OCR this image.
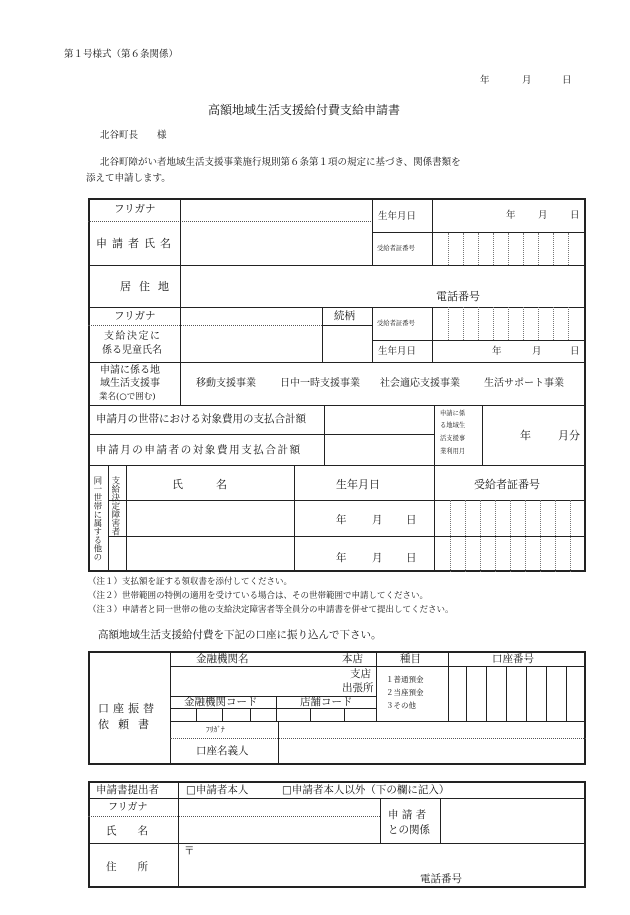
第１号様式（第６条関係）
年	月	日
高額地域生活支援給付費支給申請書
北谷町長　　様
北谷町障がい者地域生活支援事業施行規則第６条第１項の規定に基づき、関係書類を
添えて申請します。
フリガナ
申請者氏名
生年月日	年 月 日
受給者証番号
居住地
電話番号
フリガナ	続柄
支給決定に
係る児童氏名
受給者証番号
生年月日	年	月	日
申請に係る地
域生活支援事
業名(○で囲む)
移動支援事業 日中一時支援事業 社会適応支援事業 生活サポート事業
申請月の世帯における対象費用の支払合計額
申請月の申請者の対象費用支払合計額
申請に係
る地域生
活支援事
業利用月
年 月分
同一世帯に属する他の 支給決定障害者	氏　　　名	生年月日	受給者証番号
年 月 日
年 月 日
（注１）支払額を証する領収書を添付してください。
（注２）世帯範囲の特例の適用を受けている場合は、その世帯範囲で申請してください。
（注３）申請者と同一世帯の他の支給決定障害者等全員分の申請書を併せて提出してください。
高額地域生活支援給付費を下記の口座に振り込んで下さい。
口座振替
依頼書
金融機関名	本店
支店
出張所
種目
１普通預金
２当座預金
３その他
口座番号
金融機関コード	店舗コード
ﾌﾘｶﾞﾅ
口座名義人
申請書提出者	□申請者本人	□申請者本人以外（下の欄に記入）
フリガナ
氏　　名
申 請 者
との関係
住　　所
〒
電話番号
